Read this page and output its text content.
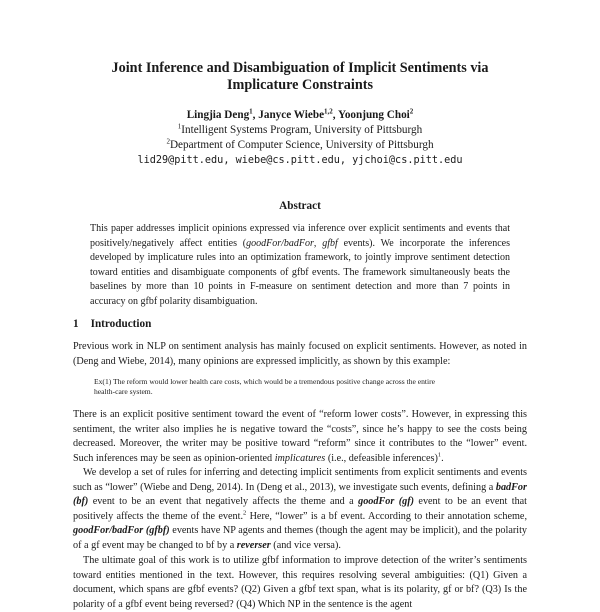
Joint Inference and Disambiguation of Implicit Sentiments via
Implicature Constraints
Lingjia Deng$^1$, Janyce Wiebe$^{1,2}$, Yoonjung Choi$^2$
$^1$Intelligent Systems Program, University of Pittsburgh
$^2$Department of Computer Science, University of Pittsburgh
lid29@pitt.edu, wiebe@cs.pitt.edu, yjchoi@cs.pitt.edu
Abstract
This paper addresses implicit opinions expressed via inference over explicit sentiments and events that positively/negatively affect entities (goodFor/badFor, gfbf events). We incorporate the inferences developed by implicature rules into an optimization framework, to jointly improve sentiment detection toward entities and disambiguate components of gfbf events. The framework simultaneously beats the baselines by more than 10 points in F-measure on sentiment detection and more than 7 points in accuracy on gfbf polarity disambiguation.
1 Introduction
Previous work in NLP on sentiment analysis has mainly focused on explicit sentiments. However, as noted in (Deng and Wiebe, 2014), many opinions are expressed implicitly, as shown by this example:
Ex(1) The reform would lower health care costs, which would be a tremendous positive change across the entire
health-care system.
There is an explicit positive sentiment toward the event of “reform lower costs”. However, in expressing this sentiment, the writer also implies he is negative toward the “costs”, since he’s happy to see the costs being decreased. Moreover, the writer may be positive toward “reform” since it contributes to the “lower” event. Such inferences may be seen as opinion-oriented implicatures (i.e., defeasible inferences)$^1$.
We develop a set of rules for inferring and detecting implicit sentiments from explicit sentiments and events such as “lower” (Wiebe and Deng, 2014). In (Deng et al., 2013), we investigate such events, defining a badFor (bf) event to be an event that negatively affects the theme and a goodFor (gf) event to be an event that positively affects the theme of the event.$^2$ Here, “lower” is a bf event. According to their annotation scheme, goodFor/badFor (gfbf) events have NP agents and themes (though the agent may be implicit), and the polarity of a gf event may be changed to bf by a reverser (and vice versa).
The ultimate goal of this work is to utilize gfbf information to improve detection of the writer’s sentiments toward entities mentioned in the text. However, this requires resolving several ambiguities: (Q1) Given a document, which spans are gfbf events? (Q2) Given a gfbf text span, what is its polarity, gf or bf? (Q3) Is the polarity of a gfbf event being reversed? (Q4) Which NP in the sentence is the agent
